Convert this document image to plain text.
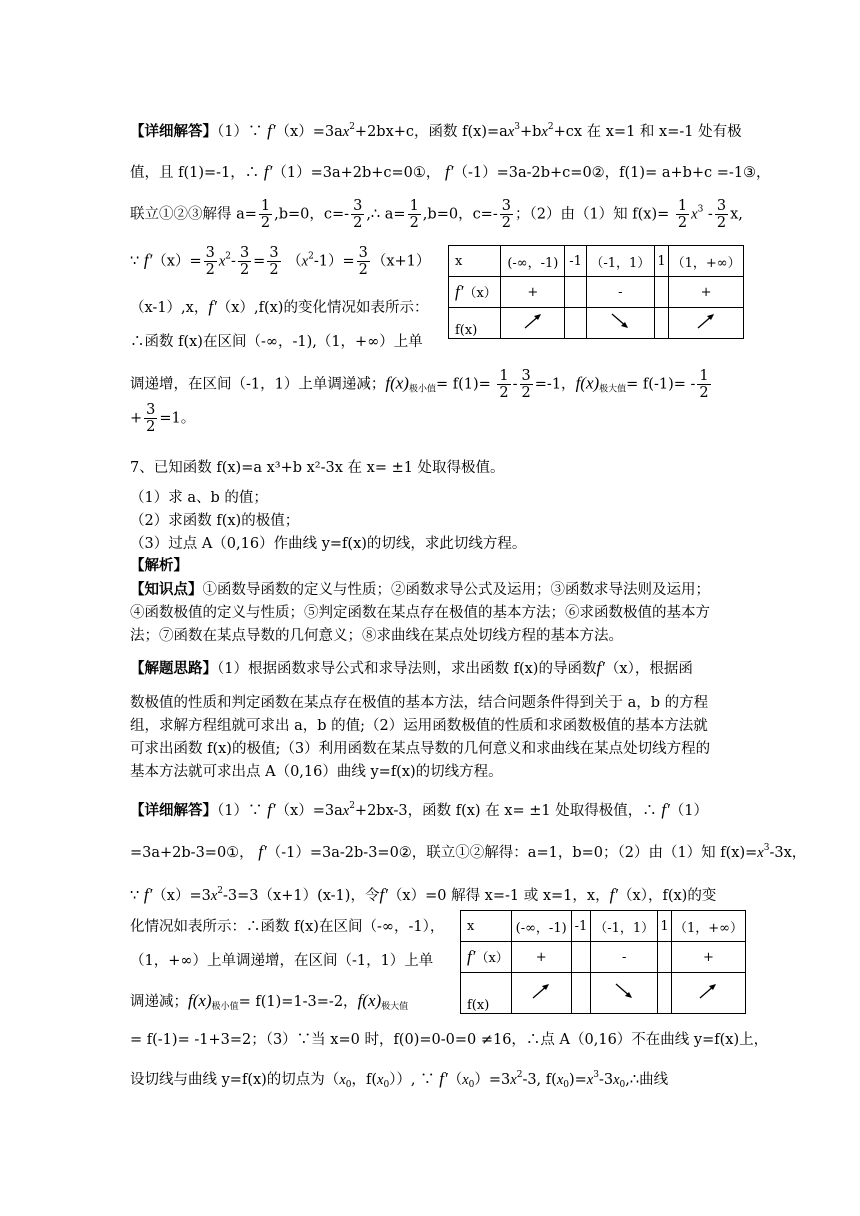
【详细解答】（1）∵ $f'(x)=3ax^2+2bx+c$，函数 $f(x)=ax^3+bx^2+cx$ 在 x=1 和 x=-1 处有极
值，且 f(1)=-1，∴ f′（1）=3a+2b+c=0①， f′（-1）=3a-2b+c=0②，f(1)= a+b+c =-1③，
联立①②③解得 $a= \frac{1}{2} ,b=0$，$c=- \frac{3}{2}$ ,∴ $a= \frac{1}{2} ,b=0$，$c=- \frac{3}{2}$ ；（2）由（1）知 $f(x)= \frac{1}{2} x^3 - \frac{3}{2} x$,
∵ $f'(x)= \frac{3}{2} x^2- \frac{3}{2} = \frac{3}{2} (x^2-1)= \frac{3}{2} (x+1)$
（x-1）,x，f′（x）,f(x)的变化情况如表所示：
∴函数 f(x)在区间（-∞，-1),（1，+∞）上单
调递增，在区间（-1，1）上单调递减；$f(x)_{极小值}= f(1)= \frac{1}{2} - \frac{3}{2} =-1$，$f(x)_{极大值}= f(-1)= - \frac{1}{2}$
+ $\frac{3}{2} =1$。
x	(-∞，-1)	-1	（-1，1）	1	（1，+∞）
f′（x）	+		-		+
f(x)					
7、已知函数 f(x)=a x³+b x²-3x 在 x= ±1 处取得极值。
（1）求 a、b 的值；
（2）求函数 f(x)的极值；
（3）过点 A（0,16）作曲线 y=f(x)的切线，求此切线方程。
【解析】
【知识点】①函数导函数的定义与性质；②函数求导公式及运用；③函数求导法则及运用；
④函数极值的定义与性质；⑤判定函数在某点存在极值的基本方法；⑥求函数极值的基本方
法；⑦函数在某点导数的几何意义；⑧求曲线在某点处切线方程的基本方法。
【解题思路】（1）根据函数求导公式和求导法则，求出函数 f(x)的导函数f′（x），根据函
数极值的性质和判定函数在某点存在极值的基本方法，结合问题条件得到关于 a，b 的方程
组，求解方程组就可求出 a，b 的值;（2）运用函数极值的性质和求函数极值的基本方法就
可求出函数 f(x)的极值;（3）利用函数在某点导数的几何意义和求曲线在某点处切线方程的
基本方法就可求出点 A（0,16）曲线 y=f(x)的切线方程。
【详细解答】（1）∵ $f'(x)=3ax^2+2bx-3$，函数 f(x) 在 x= ±1 处取得极值，∴ f′（1）
=3a+2b-3=0①， f′（-1）=3a-2b-3=0②，联立①②解得：a=1，b=0；（2）由（1）知 $f(x)=x^3-3x$，
∵ $f'(x)=3x^2-3=3(x+1)(x-1)$，令f′（x）=0 解得 x=-1 或 x=1，x，f′（x），f(x)的变
化情况如表所示：∴函数 f(x)在区间（-∞，-1），
（1，+∞）上单调递增，在区间（-1，1）上单
调递减；$f(x)_{极小值}= f(1)=1-3=-2$，$f(x)_{极大值}$
= f(-1)= -1+3=2；（3）∵当 x=0 时，f(0)=0-0=0 ≠16，∴点 A（0,16）不在曲线 y=f(x)上，
设切线与曲线 y=f(x)的切点为（$x_0$，$f(x_0)$）, ∵ $f'(x_0)=3x^2-3$, $f(x_0)=x^3-3x_0,\therefore$曲线
x	(-∞，-1)	-1	（-1，1）	1	（1，+∞）
f′（x）	+		-		+
f(x)					
